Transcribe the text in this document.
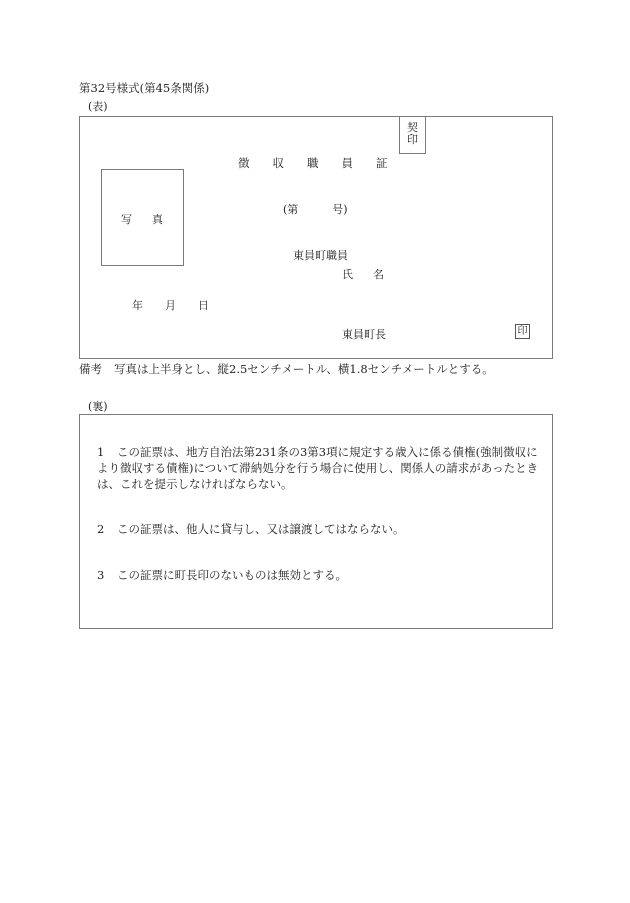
第32号様式(第45条関係)
(表)
契印
徴 収 職 員 証
写 真
(第	号)
東員町職員
氏 名
年 月 日
東員町長	印
備考 写真は上半身とし、縦2.5センチメートル、横1.8センチメートルとする。
(裏)
1 この証票は、地方自治法第231条の3第3項に規定する歳入に係る債権(強制徴収により徴収する債権)について滞納処分を行う場合に使用し、関係人の請求があったときは、これを提示しなければならない。
2 この証票は、他人に貸与し、又は譲渡してはならない。
3 この証票に町長印のないものは無効とする。
